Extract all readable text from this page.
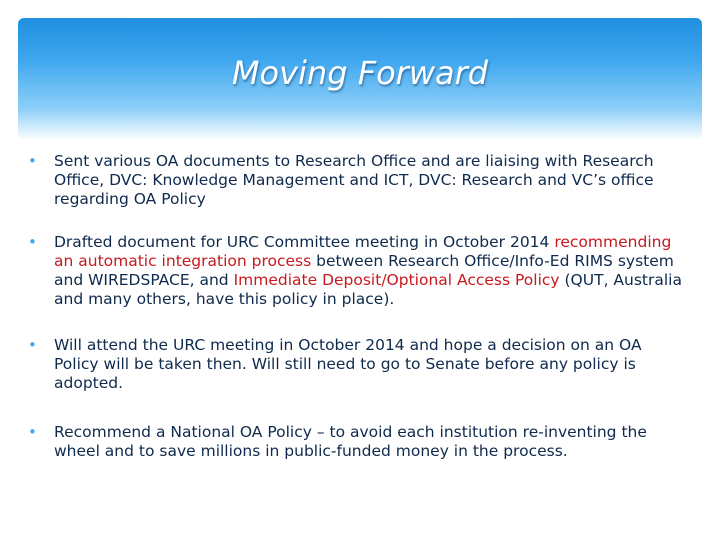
Moving Forward
• Sent various OA documents to Research Office and are liaising with Research Office, DVC: Knowledge Management and ICT, DVC: Research and VC’s office regarding OA Policy
• Drafted document for URC Committee meeting in October 2014 recommending an automatic integration process between Research Office/Info-Ed RIMS system and WIREDSPACE, and Immediate Deposit/Optional Access Policy (QUT, Australia and many others, have this policy in place).
• Will attend the URC meeting in October 2014 and hope a decision on an OA Policy will be taken then. Will still need to go to Senate before any policy is adopted.
• Recommend a National OA Policy – to avoid each institution re-inventing the wheel and to save millions in public-funded money in the process.
